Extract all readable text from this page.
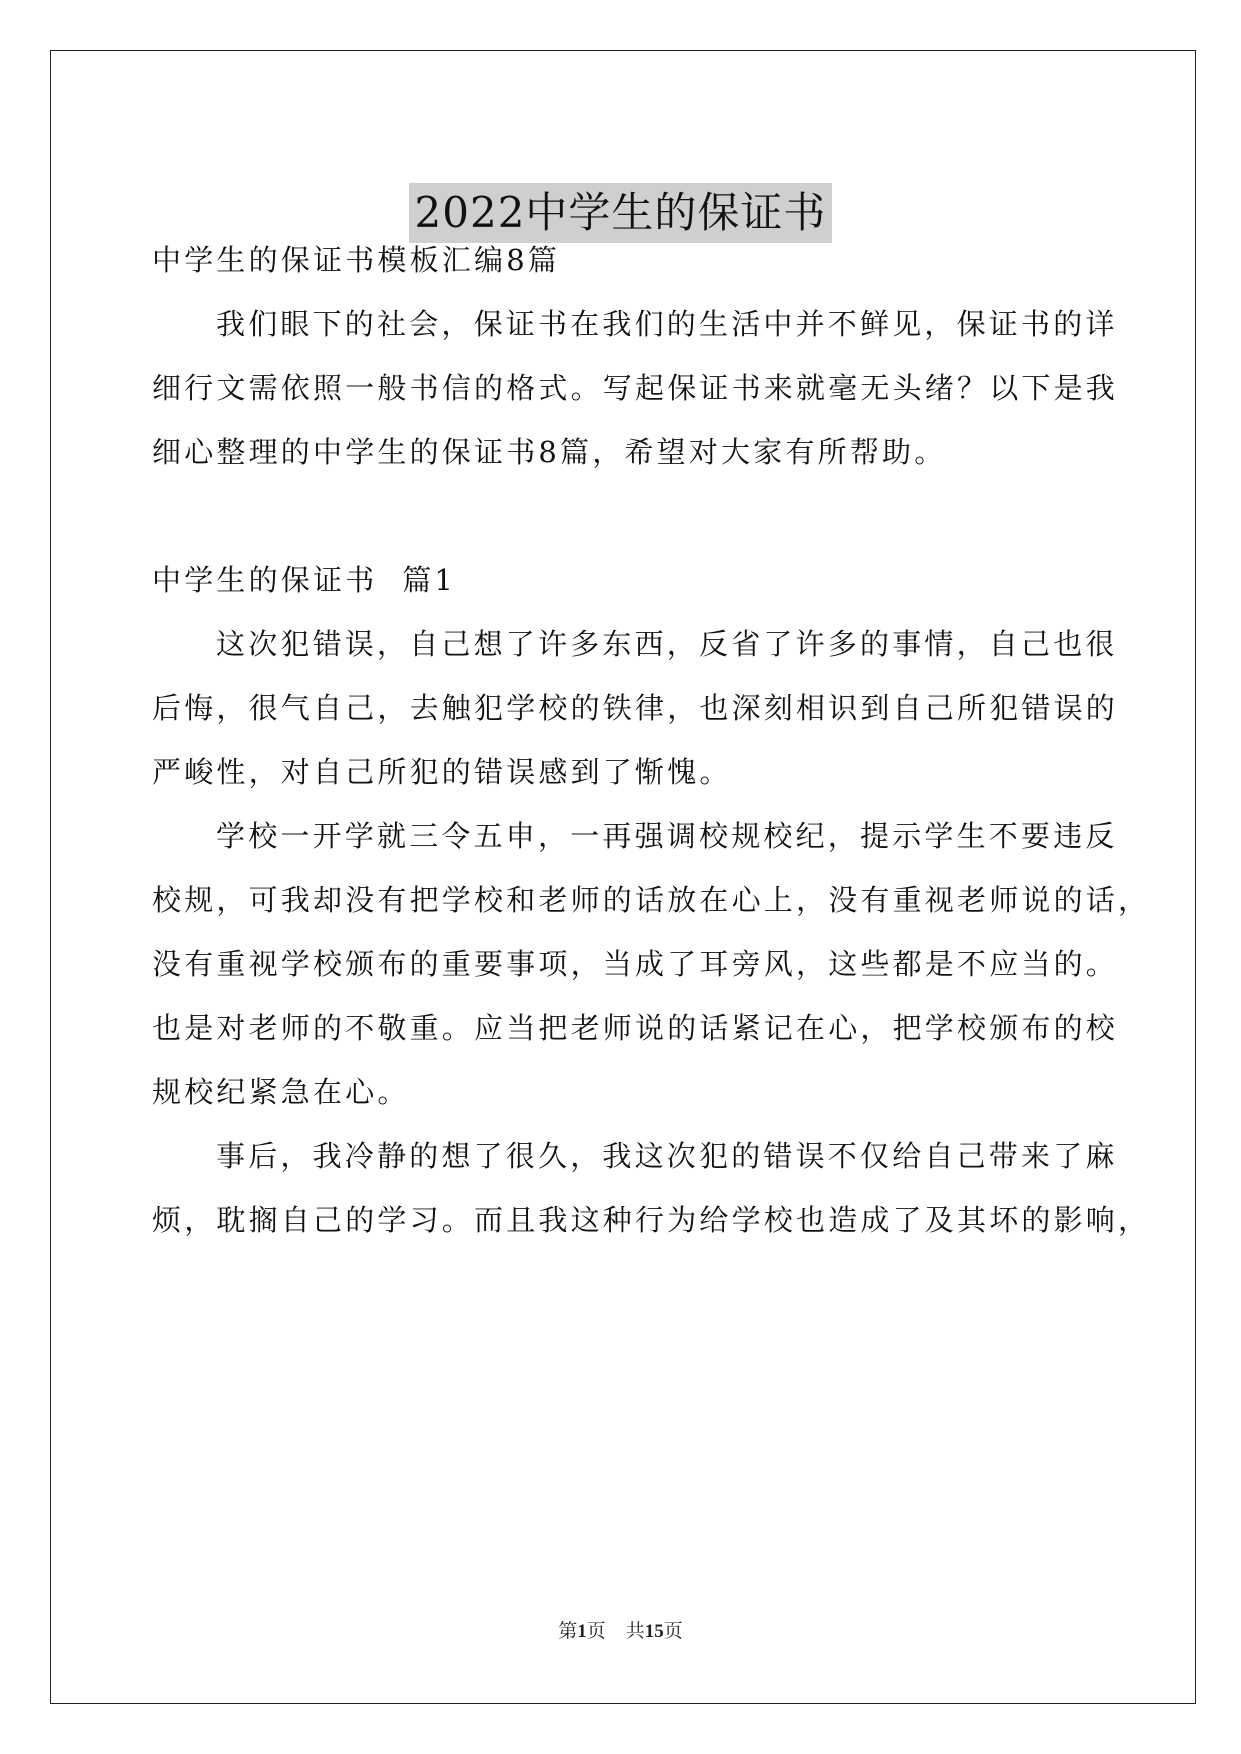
2022中学生的保证书
中学生的保证书模板汇编8篇
我们眼下的社会，保证书在我们的生活中并不鲜见，保证书的详
细行文需依照一般书信的格式。写起保证书来就毫无头绪？以下是我
细心整理的中学生的保证书8篇，希望对大家有所帮助。
中学生的保证书  篇1
这次犯错误，自己想了许多东西，反省了许多的事情，自己也很
后悔，很气自己，去触犯学校的铁律，也深刻相识到自己所犯错误的
严峻性，对自己所犯的错误感到了惭愧。
学校一开学就三令五申，一再强调校规校纪，提示学生不要违反
校规，可我却没有把学校和老师的话放在心上，没有重视老师说的话，
没有重视学校颁布的重要事项，当成了耳旁风，这些都是不应当的。
也是对老师的不敬重。应当把老师说的话紧记在心，把学校颁布的校
规校纪紧急在心。
事后，我冷静的想了很久，我这次犯的错误不仅给自己带来了麻
烦，耽搁自己的学习。而且我这种行为给学校也造成了及其坏的影响，
第1页 共15页
